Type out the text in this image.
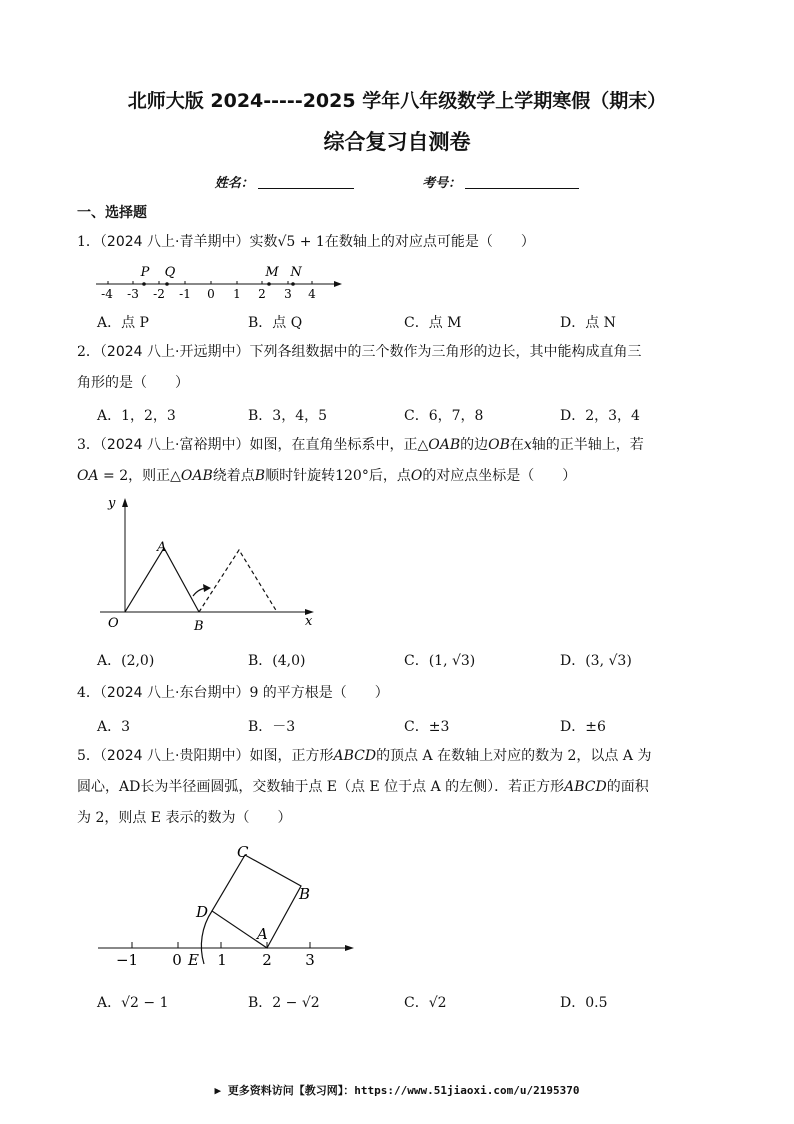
北师大版 2024-----2025 学年八年级数学上学期寒假（期末）
综合复习自测卷
姓名：	考号：
一、选择题
1．（2024 八上·青羊期中）实数√5 + 1在数轴上的对应点可能是（　　）
-4 -3 -2 -1 0 1 2 3 4
P Q	M N
A．点 P	B．点 Q	C．点 M	D．点 N
2．（2024 八上·开远期中）下列各组数据中的三个数作为三角形的边长，其中能构成直角三
角形的是（　　）
A．1，2，3	B．3，4，5	C．6，7，8	D．2，3，4
3．（2024 八上·富裕期中）如图，在直角坐标系中，正△OAB的边OB在x轴的正半轴上，若
OA = 2，则正△OAB绕着点B顺时针旋转120°后，点O的对应点坐标是（　　）
y
x
O
A
B
A．(2,0)	B．(4,0)	C．(1, √3)	D．(3, √3)
4．（2024 八上·东台期中）9 的平方根是（　　）
A．3	B．－3	C．±3	D．±6
5．（2024 八上·贵阳期中）如图，正方形ABCD的顶点 A 在数轴上对应的数为 2，以点 A 为
圆心，AD长为半径画圆弧，交数轴于点 E（点 E 位于点 A 的左侧）．若正方形ABCD的面积
为 2，则点 E 表示的数为（　　）
C
B
D
A
E
−1 0 1 2 3
A．√2 − 1	B．2 − √2	C．√2	D．0.5
▶ 更多资料访问【教习网】：https://www.51jiaoxi.com/u/2195370
